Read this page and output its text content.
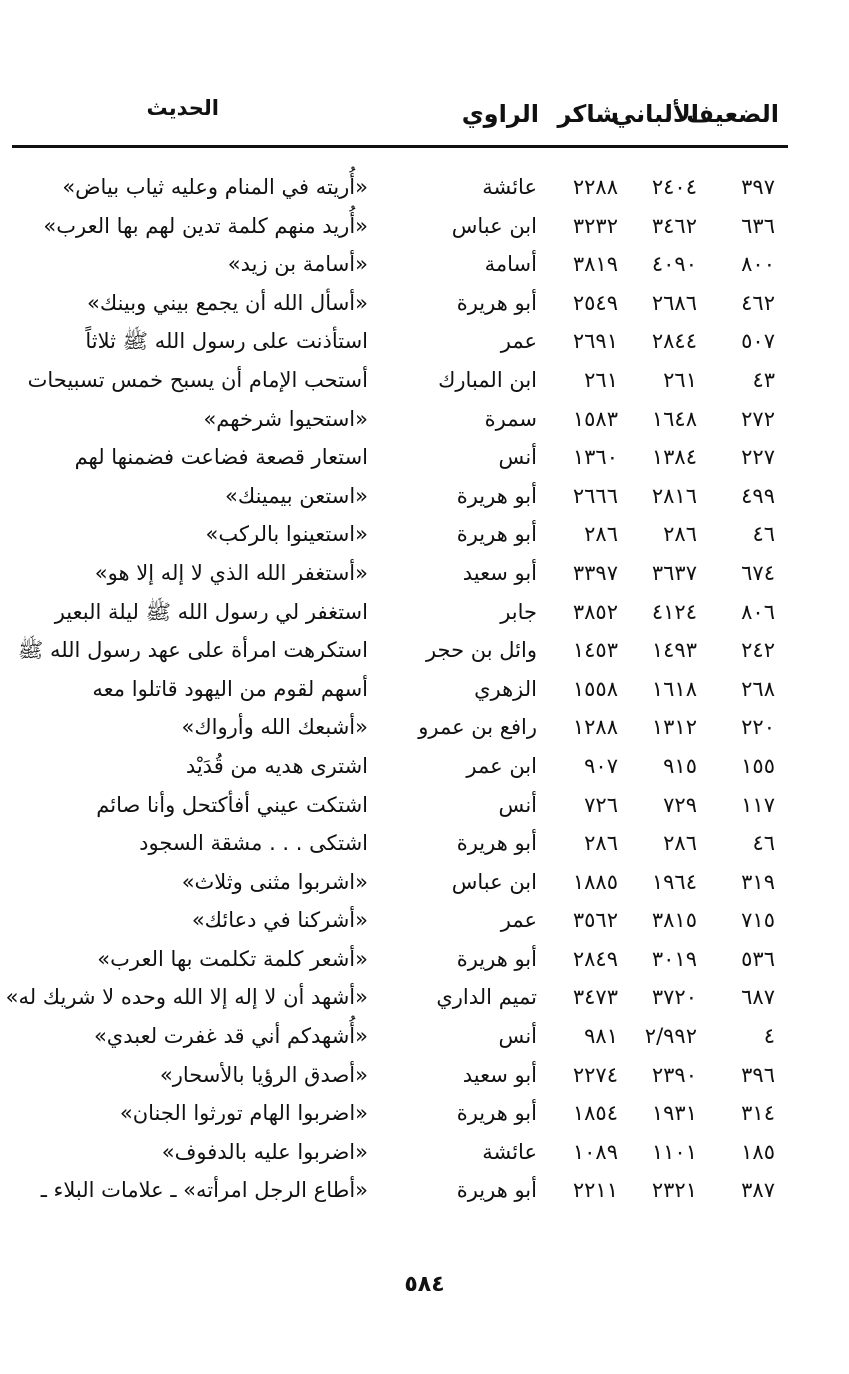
الضعيف
الألباني
شاكر
الراوي
الحديث
٣٩٧
٢٤٠٤
٢٢٨٨
عائشة
«أُريته في المنام وعليه ثياب بياض»
٦٣٦
٣٤٦٢
٣٢٣٢
ابن عباس
«أُريد منهم كلمة تدين لهم بها العرب»
٨٠٠
٤٠٩٠
٣٨١٩
أسامة
«أسامة بن زيد»
٤٦٢
٢٦٨٦
٢٥٤٩
أبو هريرة
«أسأل الله أن يجمع بيني وبينك»
٥٠٧
٢٨٤٤
٢٦٩١
عمر
استأذنت على رسول الله ﷺ ثلاثاً
٤٣
٢٦١
٢٦١
ابن المبارك
أستحب الإمام أن يسبح خمس تسبيحات
٢٧٢
١٦٤٨
١٥٨٣
سمرة
«استحيوا شرخهم»
٢٢٧
١٣٨٤
١٣٦٠
أنس
استعار قصعة فضاعت فضمنها لهم
٤٩٩
٢٨١٦
٢٦٦٦
أبو هريرة
«استعن بيمينك»
٤٦
٢٨٦
٢٨٦
أبو هريرة
«استعينوا بالركب»
٦٧٤
٣٦٣٧
٣٣٩٧
أبو سعيد
«أستغفر الله الذي لا إله إلا هو»
٨٠٦
٤١٢٤
٣٨٥٢
جابر
استغفر لي رسول الله ﷺ ليلة البعير
٢٤٢
١٤٩٣
١٤٥٣
وائل بن حجر
استكرهت امرأة على عهد رسول الله ﷺ
٢٦٨
١٦١٨
١٥٥٨
الزهري
أسهم لقوم من اليهود قاتلوا معه
٢٢٠
١٣١٢
١٢٨٨
رافع بن عمرو
«أشبعك الله وأرواك»
١٥٥
٩١٥
٩٠٧
ابن عمر
اشترى هديه من قُدَيْد
١١٧
٧٢٩
٧٢٦
أنس
اشتكت عيني أفأكتحل وأنا صائم
٤٦
٢٨٦
٢٨٦
أبو هريرة
اشتكى . . . مشقة السجود
٣١٩
١٩٦٤
١٨٨٥
ابن عباس
«اشربوا مثنى وثلاث»
٧١٥
٣٨١٥
٣٥٦٢
عمر
«أشركنا في دعائك»
٥٣٦
٣٠١٩
٢٨٤٩
أبو هريرة
«أشعر كلمة تكلمت بها العرب»
٦٨٧
٣٧٢٠
٣٤٧٣
تميم الداري
«أشهد أن لا إله إلا الله وحده لا شريك له»
٤
٢/٩٩٢
٩٨١
أنس
«أُشهدكم أني قد غفرت لعبدي»
٣٩٦
٢٣٩٠
٢٢٧٤
أبو سعيد
«أصدق الرؤيا بالأسحار»
٣١٤
١٩٣١
١٨٥٤
أبو هريرة
«اضربوا الهام تورثوا الجنان»
١٨٥
١١٠١
١٠٨٩
عائشة
«اضربوا عليه بالدفوف»
٣٨٧
٢٣٢١
٢٢١١
أبو هريرة
«أطاع الرجل امرأته» ـ علامات البلاء ـ
٥٨٤
